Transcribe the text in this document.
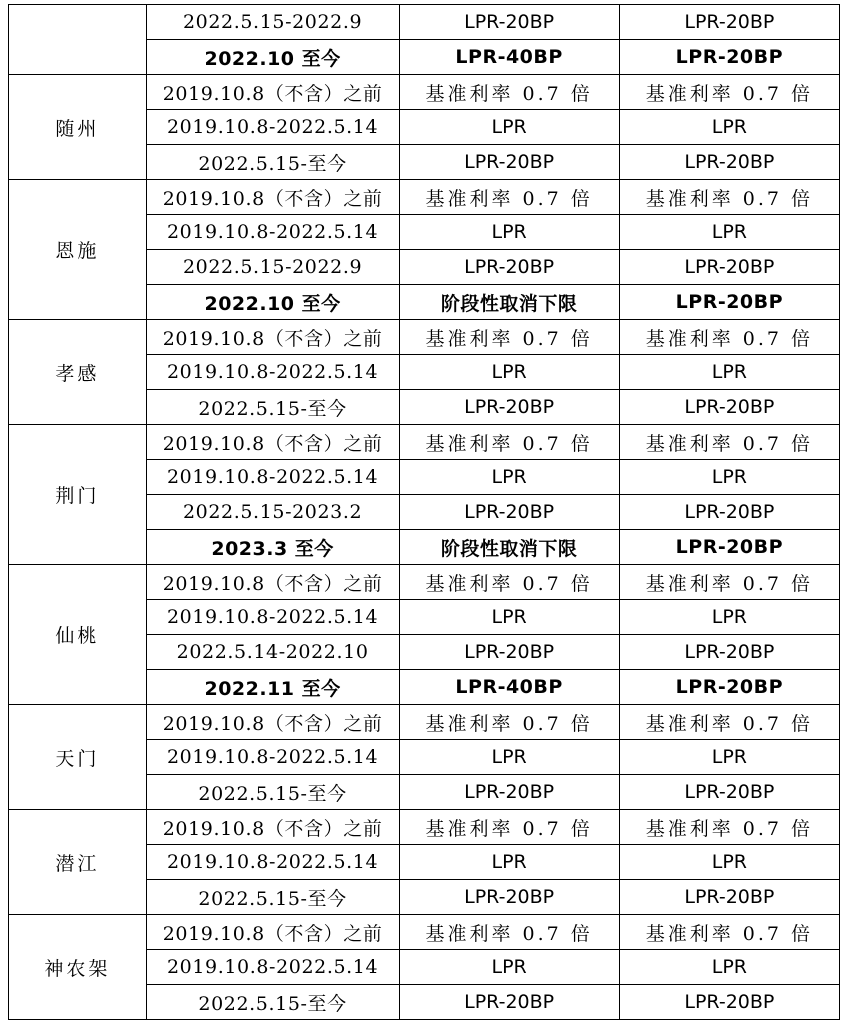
	2022.5.15-2022.9	LPR-20BP	LPR-20BP
	2022.10 至今	LPR-40BP	LPR-20BP
随州	2019.10.8（不含）之前	基准利率 0.7 倍	基准利率 0.7 倍
	2019.10.8-2022.5.14	LPR	LPR
	2022.5.15-至今	LPR-20BP	LPR-20BP
恩施	2019.10.8（不含）之前	基准利率 0.7 倍	基准利率 0.7 倍
	2019.10.8-2022.5.14	LPR	LPR
	2022.5.15-2022.9	LPR-20BP	LPR-20BP
	2022.10 至今	阶段性取消下限	LPR-20BP
孝感	2019.10.8（不含）之前	基准利率 0.7 倍	基准利率 0.7 倍
	2019.10.8-2022.5.14	LPR	LPR
	2022.5.15-至今	LPR-20BP	LPR-20BP
荆门	2019.10.8（不含）之前	基准利率 0.7 倍	基准利率 0.7 倍
	2019.10.8-2022.5.14	LPR	LPR
	2022.5.15-2023.2	LPR-20BP	LPR-20BP
	2023.3 至今	阶段性取消下限	LPR-20BP
仙桃	2019.10.8（不含）之前	基准利率 0.7 倍	基准利率 0.7 倍
	2019.10.8-2022.5.14	LPR	LPR
	2022.5.14-2022.10	LPR-20BP	LPR-20BP
	2022.11 至今	LPR-40BP	LPR-20BP
天门	2019.10.8（不含）之前	基准利率 0.7 倍	基准利率 0.7 倍
	2019.10.8-2022.5.14	LPR	LPR
	2022.5.15-至今	LPR-20BP	LPR-20BP
潜江	2019.10.8（不含）之前	基准利率 0.7 倍	基准利率 0.7 倍
	2019.10.8-2022.5.14	LPR	LPR
	2022.5.15-至今	LPR-20BP	LPR-20BP
神农架	2019.10.8（不含）之前	基准利率 0.7 倍	基准利率 0.7 倍
	2019.10.8-2022.5.14	LPR	LPR
	2022.5.15-至今	LPR-20BP	LPR-20BP
